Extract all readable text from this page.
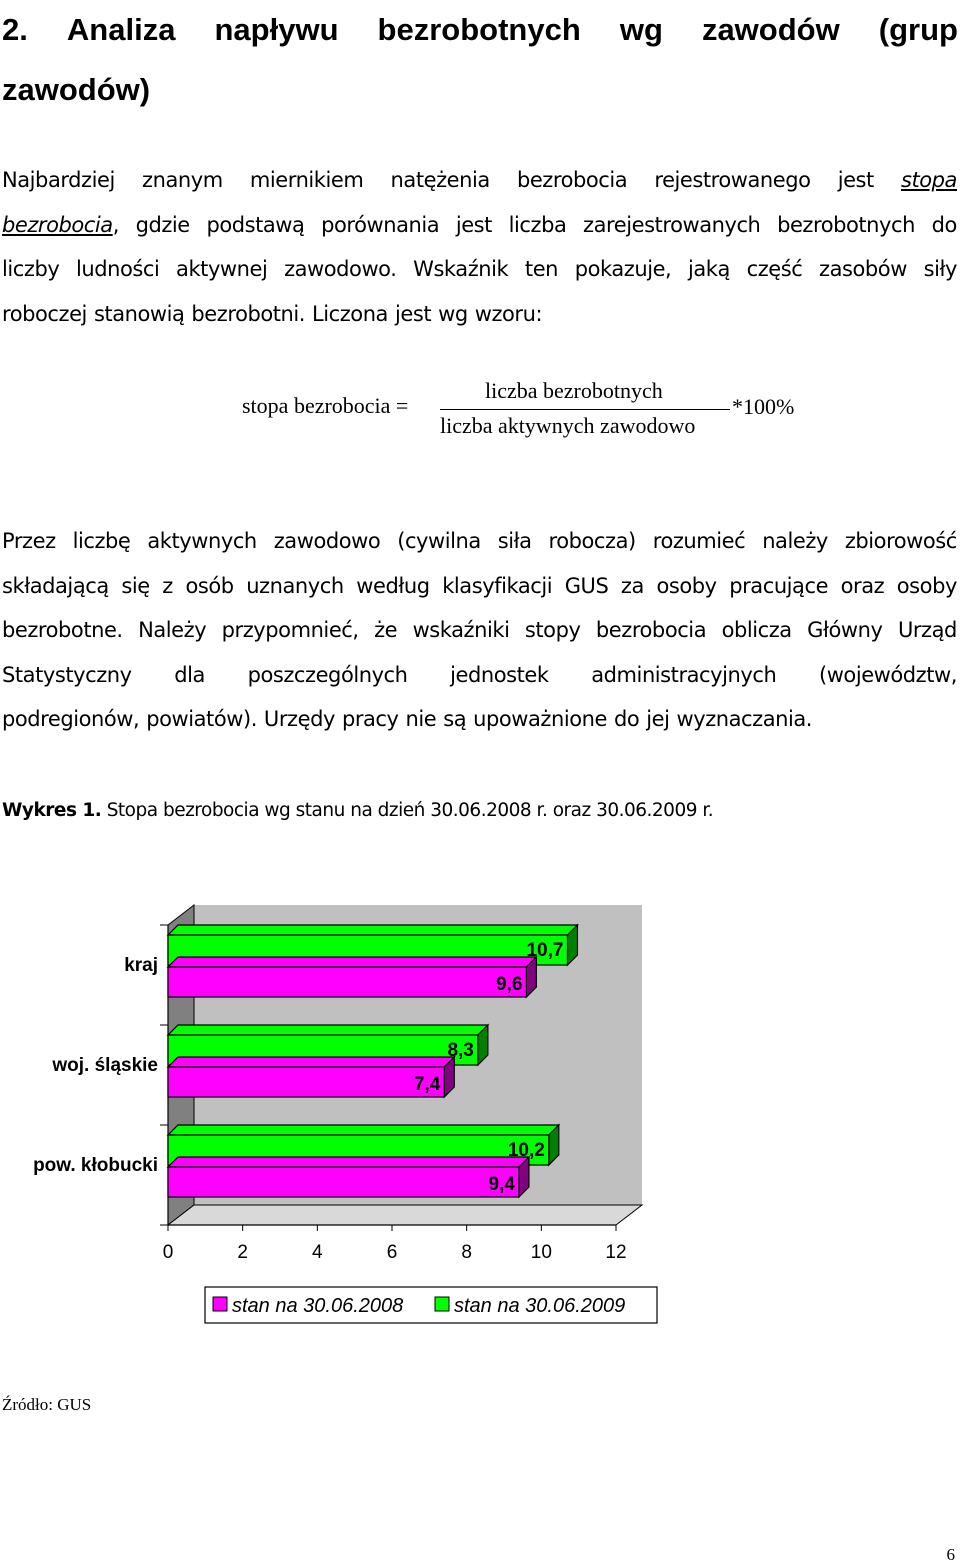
2. Analiza napływu bezrobotnych wg zawodów (grup
zawodów)
Najbardziej znanym miernikiem natężenia bezrobocia rejestrowanego jest stopa
bezrobocia, gdzie podstawą porównania jest liczba zarejestrowanych bezrobotnych do
liczby ludności aktywnej zawodowo. Wskaźnik ten pokazuje, jaką część zasobów siły
roboczej stanowią bezrobotni. Liczona jest wg wzoru:
stopa bezrobocia =
liczba bezrobotnych
liczba aktywnych zawodowo
*100%
Przez liczbę aktywnych zawodowo (cywilna siła robocza) rozumieć należy zbiorowość
składającą się z osób uznanych według klasyfikacji GUS za osoby pracujące oraz osoby
bezrobotne. Należy przypomnieć, że wskaźniki stopy bezrobocia oblicza Główny Urząd
Statystyczny dla poszczególnych jednostek administracyjnych (województw,
podregionów, powiatów). Urzędy pracy nie są upoważnione do jej wyznaczania.
Wykres 1. Stopa bezrobocia wg stanu na dzień 30.06.2008 r. oraz 30.06.2009 r.
0	2	4	6	8	10	12
10,7
9,6
kraj
8,3
7,4
woj. śląskie
10,2
9,4
pow. kłobucki
stan na 30.06.2008	stan na 30.06.2009
Źródło: GUS
6
